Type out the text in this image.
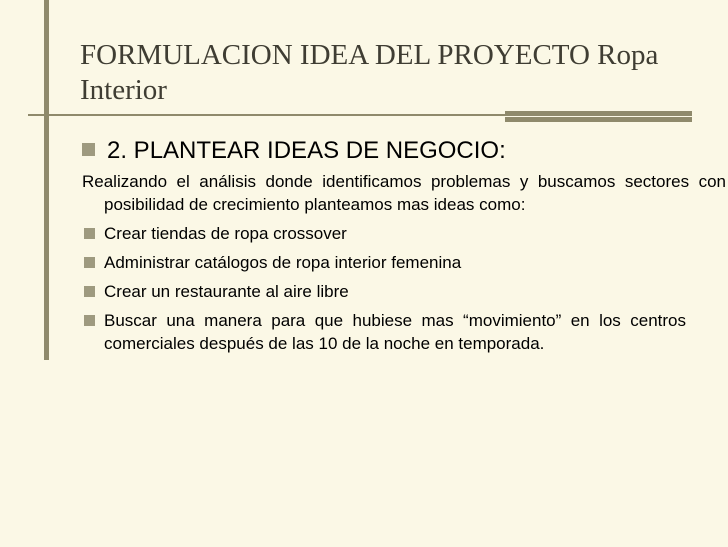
FORMULACION IDEA DEL PROYECTO Ropa Interior
2. PLANTEAR IDEAS DE NEGOCIO:

Realizando el análisis donde identificamos problemas y buscamos sectores con posibilidad de crecimiento planteamos mas ideas como:

Crear tiendas de ropa crossover
Administrar catálogos de ropa interior femenina
Crear un restaurante al aire libre
Buscar una manera para que hubiese mas “movimiento” en los centros comerciales después de las 10 de la noche en temporada.
